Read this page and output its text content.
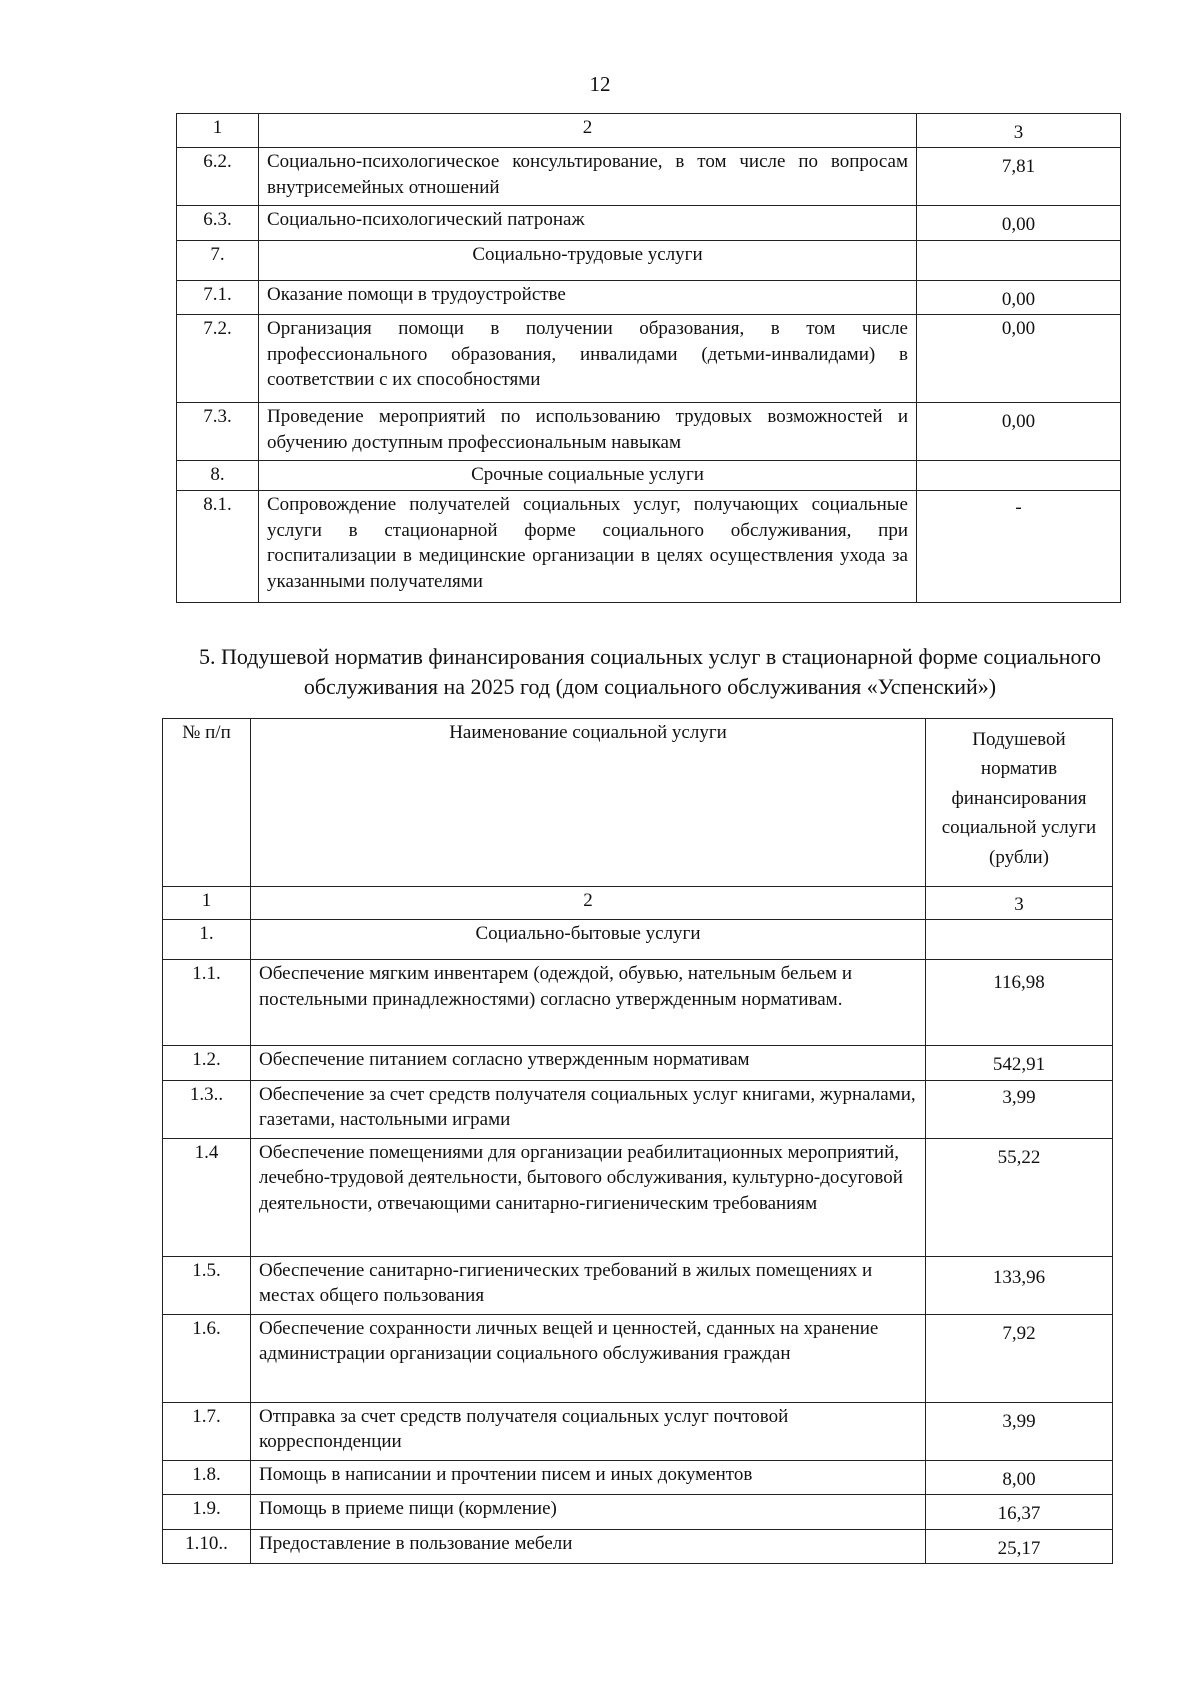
12
1	2	3
6.2.	Социально-психологическое консультирование, в том числе по вопросам внутрисемейных отношений	7,81
6.3.	Социально-психологический патронаж	0,00
7.	Социально-трудовые услуги	
7.1.	Оказание помощи в трудоустройстве	0,00
7.2.	Организация помощи в получении образования, в том числе профессионального образования, инвалидами (детьми-инвалидами) в соответствии с их способностями	0,00
7.3.	Проведение мероприятий по использованию трудовых возможностей и обучению доступным профессиональным навыкам	0,00
8.	Срочные социальные услуги	
8.1.	Сопровождение получателей социальных услуг, получающих социальные услуги в стационарной форме социального обслуживания, при госпитализации в медицинские организации в целях осуществления ухода за указанными получателями	-
5. Подушевой норматив финансирования социальных услуг в стационарной форме социального обслуживания на 2025 год (дом социального обслуживания «Успенский»)
№ п/п	Наименование социальной услуги	Подушевой норматив финансирования социальной услуги (рубли)
1	2	3
1.	Социально-бытовые услуги	
1.1.	Обеспечение мягким инвентарем (одеждой, обувью, нательным бельем и постельными принадлежностями) согласно утвержденным нормативам.	116,98
1.2.	Обеспечение питанием согласно утвержденным нормативам	542,91
1.3..	Обеспечение за счет средств получателя социальных услуг книгами, журналами, газетами, настольными играми	3,99
1.4	Обеспечение помещениями для организации реабилитационных мероприятий, лечебно-трудовой деятельности, бытового обслуживания, культурно-досуговой деятельности, отвечающими санитарно-гигиеническим требованиям	55,22
1.5.	Обеспечение санитарно-гигиенических требований в жилых помещениях и местах общего пользования	133,96
1.6.	Обеспечение сохранности личных вещей и ценностей, сданных на хранение администрации организации социального обслуживания граждан	7,92
1.7.	Отправка за счет средств получателя социальных услуг почтовой корреспонденции	3,99
1.8.	Помощь в написании и прочтении писем и иных документов	8,00
1.9.	Помощь в приеме пищи (кормление)	16,37
1.10..	Предоставление в пользование мебели	25,17
